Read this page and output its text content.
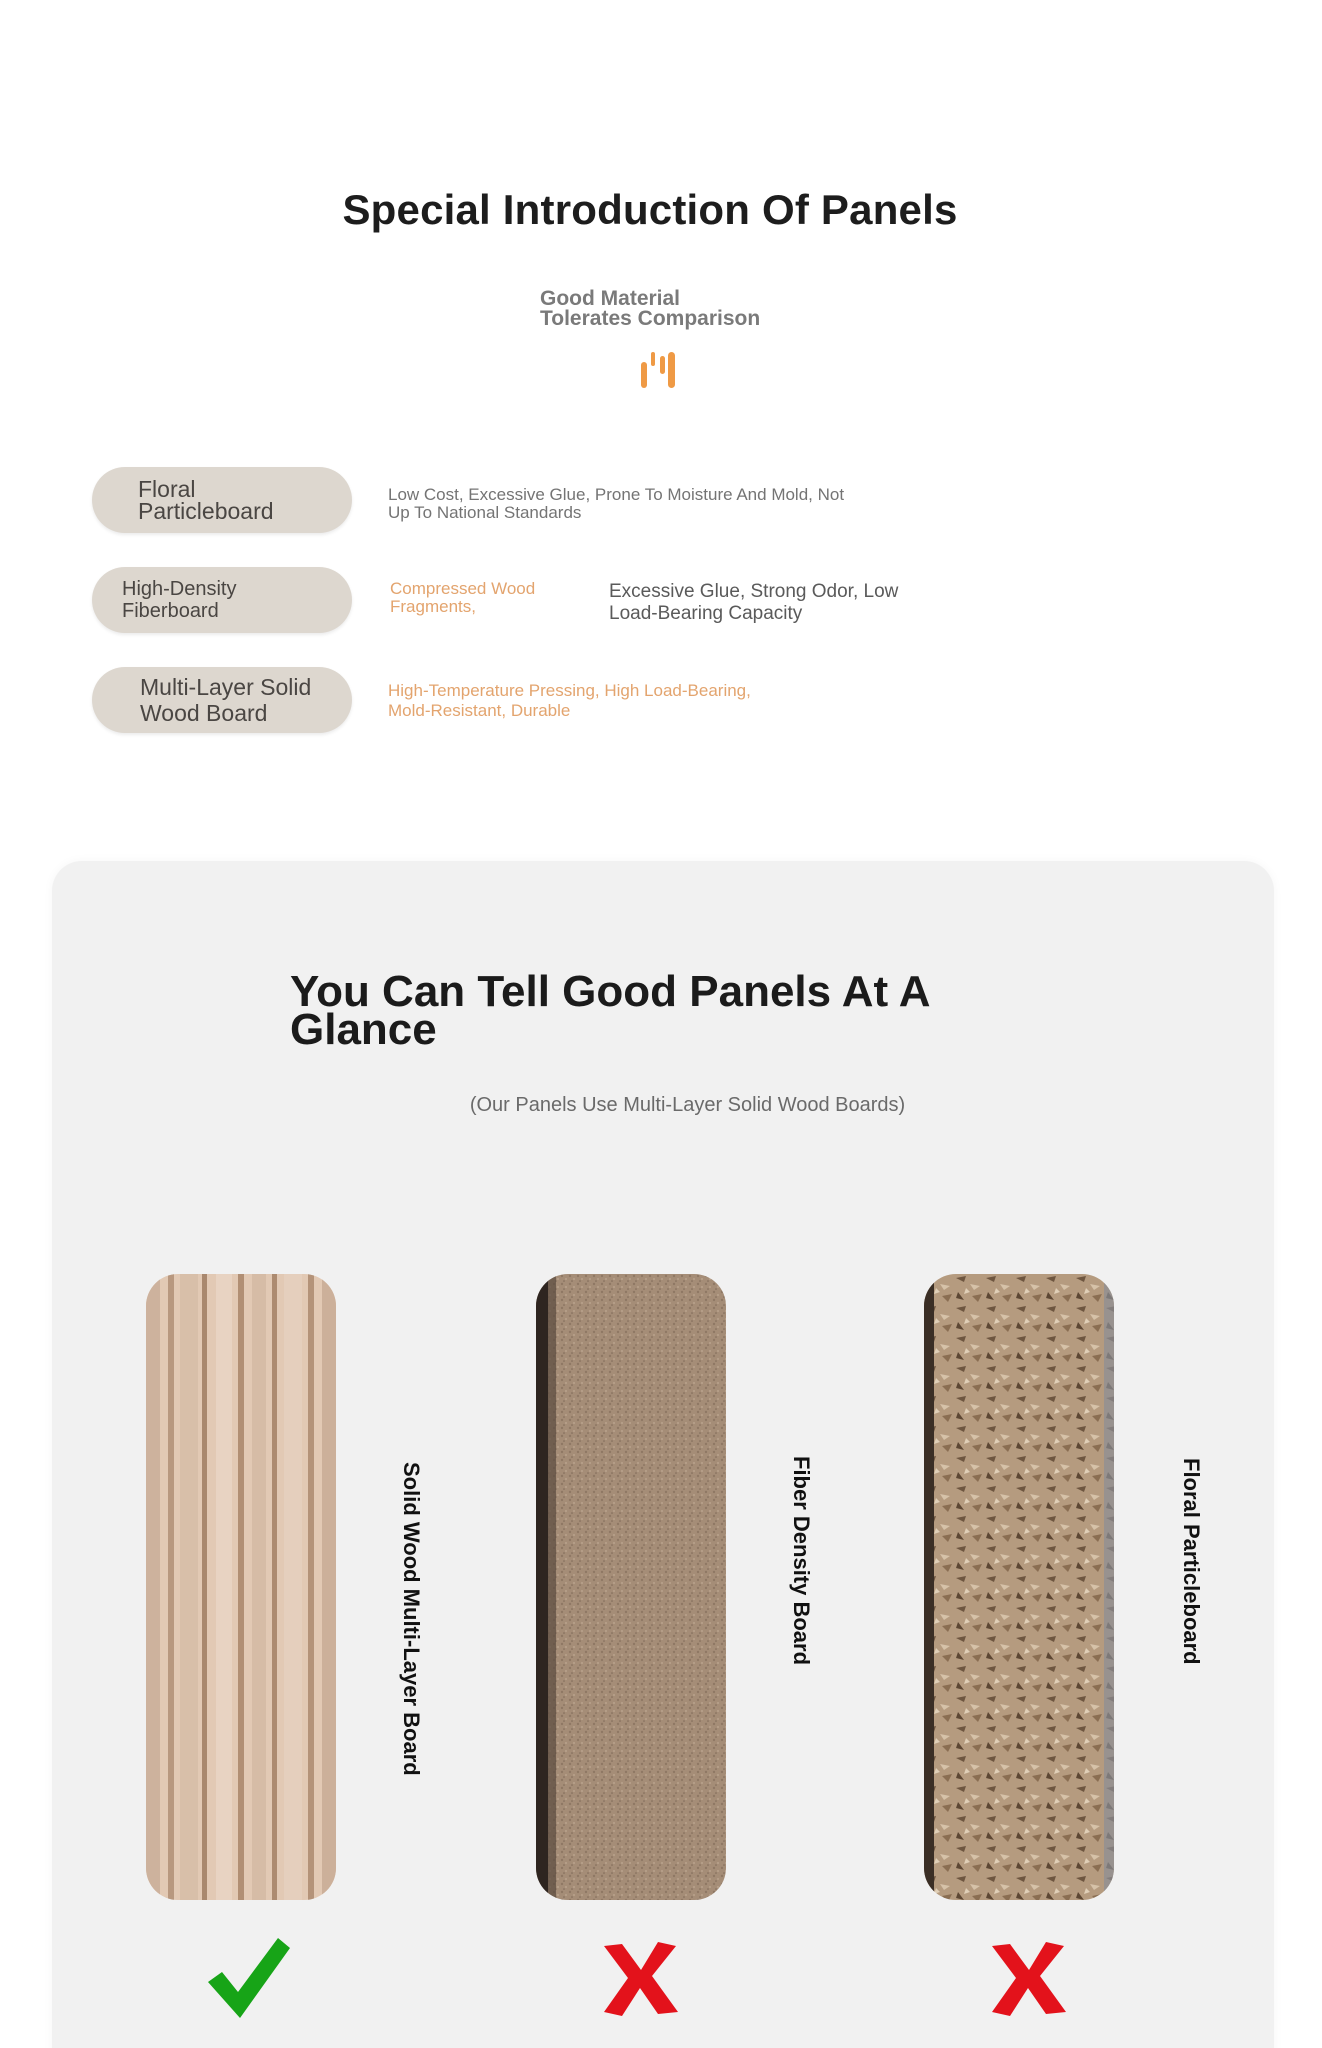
Special Introduction Of Panels
Good Material
Tolerates Comparison
Floral
Particleboard
Low Cost, Excessive Glue, Prone To Moisture And Mold, Not
Up To National Standards
High-Density
Fiberboard
Compressed Wood
Fragments,
Excessive Glue, Strong Odor, Low
Load-Bearing Capacity
Multi-Layer Solid
Wood Board
High-Temperature Pressing, High Load-Bearing,
Mold-Resistant, Durable
You Can Tell Good Panels At A
Glance
(Our Panels Use Multi-Layer Solid Wood Boards)
Solid Wood Multi-Layer Board	Fiber Density Board	Floral Particleboard
